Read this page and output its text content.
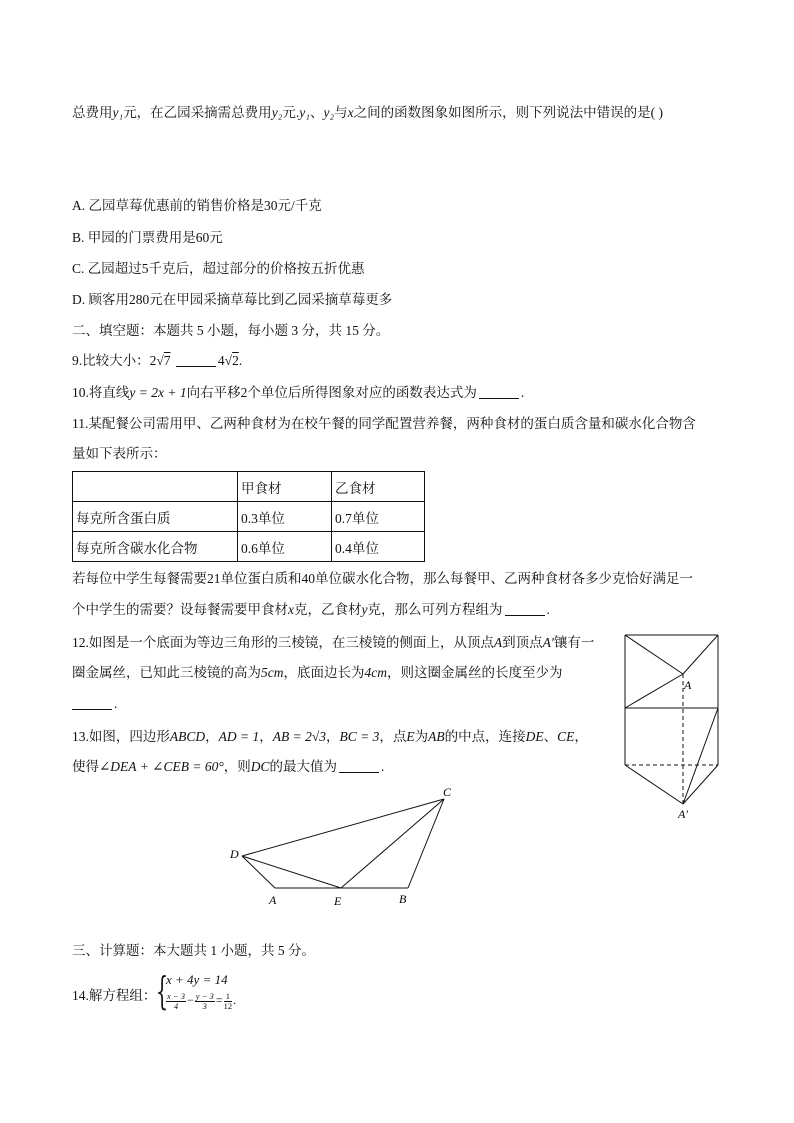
总费用y₁元，在乙园采摘需总费用y₂元.y₁、y₂与x之间的函数图象如图所示，则下列说法中错误的是( )
A. 乙园草莓优惠前的销售价格是30元/千克
B. 甲园的门票费用是60元
C. 乙园超过5千克后，超过部分的价格按五折优惠
D. 顾客用280元在甲园采摘草莓比到乙园采摘草莓更多
二、填空题：本题共 5 小题，每小题 3 分，共 15 分。
9.比较大小：2√7	4√2.
10.将直线y = 2x + 1向右平移2个单位后所得图象对应的函数表达式为	.
11.某配餐公司需用甲、乙两种食材为在校午餐的同学配置营养餐，两种食材的蛋白质含量和碳水化合物含
量如下表所示：
	甲食材	乙食材
每克所含蛋白质	0.3单位	0.7单位
每克所含碳水化合物	0.6单位	0.4单位
若每位中学生每餐需要21单位蛋白质和40单位碳水化合物，那么每餐甲、乙两种食材各多少克恰好满足一
个中学生的需要？设每餐需要甲食材x克，乙食材y克，那么可列方程组为	.
12.如图是一个底面为等边三角形的三棱镜，在三棱镜的侧面上，从顶点A到顶点A′镶有一
圈金属丝，已知此三棱镜的高为5cm，底面边长为4cm，则这圈金属丝的长度至少为
.
13.如图，四边形ABCD，AD = 1，AB = 2√3，BC = 3，点E为AB的中点，连接DE、CE，
使得∠DEA + ∠CEB = 60°，则DC的最大值为	.
A
A′
D
C
A	E	B
三、计算题：本大题共 1 小题，共 5 分。
14.解方程组： {
x + 4y = 14
$\frac{x - 3}{4} - \frac{y - 3}{3} = \frac{1}{12}$ .
